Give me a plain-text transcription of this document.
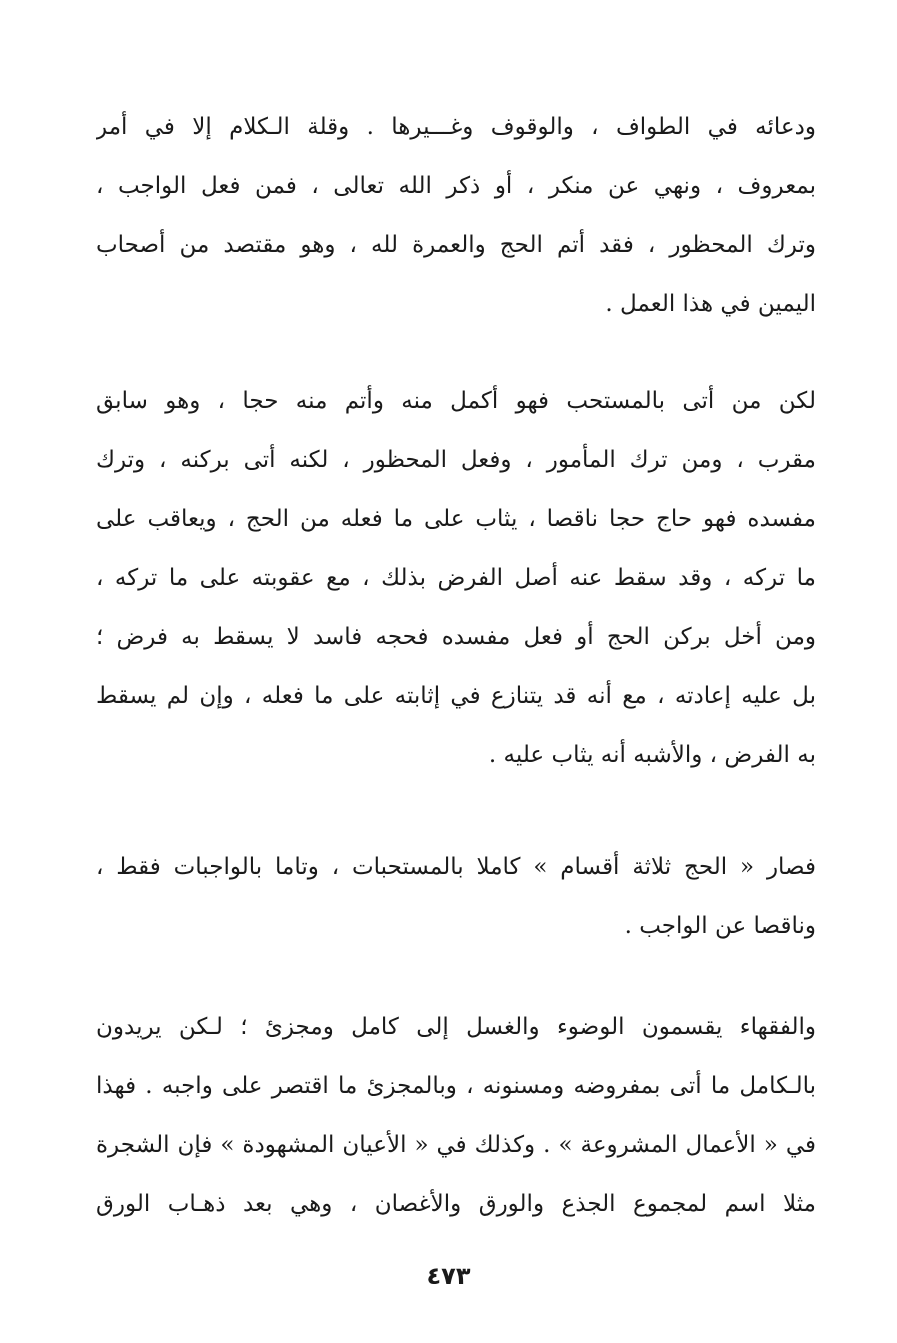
ودعائه في الطواف ، والوقوف وغـــيرها . وقلة الـكلام إلا في أمر
بمعروف ، ونهي عن منكر ، أو ذكر الله تعالى ، فمن فعل الواجب ،
وترك المحظور ، فقد أتم الحج والعمرة لله ، وهو مقتصد من أصحاب
اليمين في هذا العمل .
لكن من أتى بالمستحب فهو أكمل منه وأتم منه حجا ، وهو سابق
مقرب ، ومن ترك المأمور ، وفعل المحظور ، لكنه أتى بركنه ، وترك
مفسده فهو حاج حجا ناقصا ، يثاب على ما فعله من الحج ، ويعاقب على
ما تركه ، وقد سقط عنه أصل الفرض بذلك ، مع عقوبته على ما تركه ،
ومن أخل بركن الحج أو فعل مفسده فحجه فاسد لا يسقط به فرض ؛
بل عليه إعادته ، مع أنه قد يتنازع في إثابته على ما فعله ، وإن لم يسقط
به الفرض ، والأشبه أنه يثاب عليه .
فصار « الحج ثلاثة أقسام » كاملا بالمستحبات ، وتاما بالواجبات فقط ،
وناقصا عن الواجب .
والفقهاء يقسمون الوضوء والغسل إلى كامل ومجزئ ؛ لـكن يريدون
بالـكامل ما أتى بمفروضه ومسنونه ، وبالمجزئ ما اقتصر على واجبه . فهذا
في « الأعمال المشروعة » . وكذلك في « الأعيان المشهودة » فإن الشجرة
مثلا اسم لمجموع الجذع والورق والأغصان ، وهي بعد ذهـاب الورق
٤٧٣
